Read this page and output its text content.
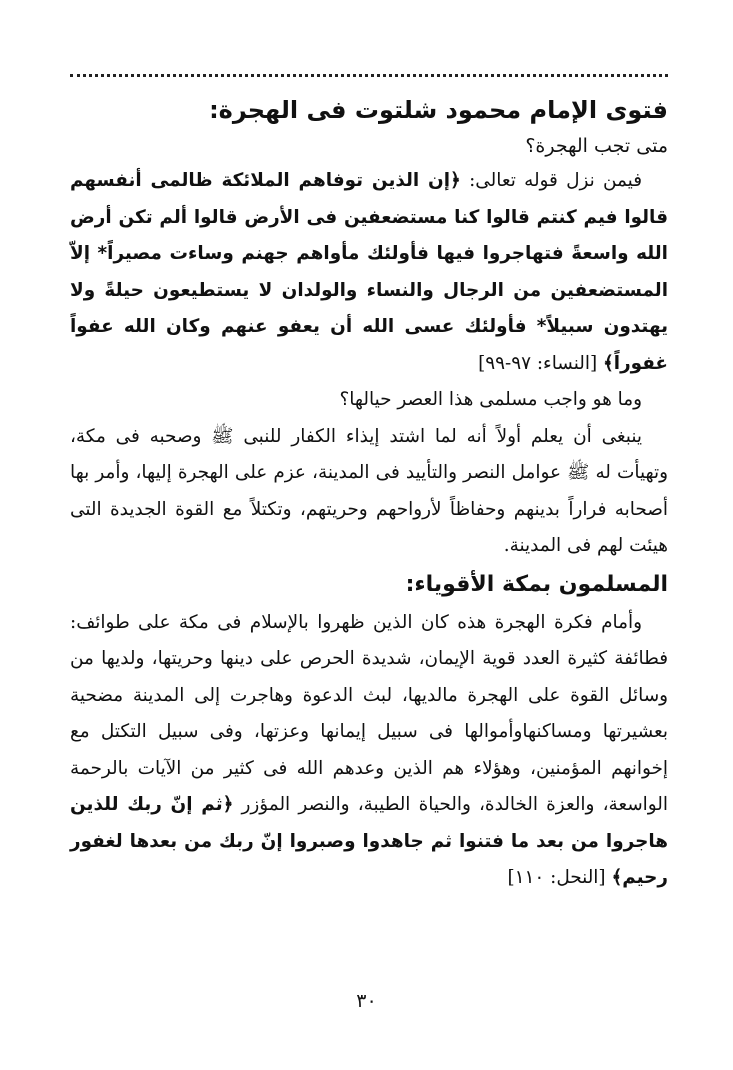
فتوى الإمام محمود شلتوت فى الهجرة:

متى تجب الهجرة؟

فيمن نزل قوله تعالى: ﴿إن الذين توفاهم الملائكة ظالمى أنفسهم قالوا فيم كنتم قالوا كنا مستضعفين فى الأرض قالوا ألم تكن أرض الله واسعةً فتهاجروا فيها فأولئك مأواهم جهنم وساءت مصيراً* إلاّ المستضعفين من الرجال والنساء والولدان لا يستطيعون حيلةً ولا يهتدون سبيلاً* فأولئك عسى الله أن يعفو عنهم وكان الله عفواً غفوراً﴾ [النساء: ٩٧-٩٩]

وما هو واجب مسلمى هذا العصر حيالها؟

ينبغى أن يعلم أولاً أنه لما اشتد إيذاء الكفار للنبى ﷺ وصحبه فى مكة، وتهيأت له ﷺ عوامل النصر والتأييد فى المدينة، عزم على الهجرة إليها، وأمر بها أصحابه فراراً بدينهم وحفاظاً لأرواحهم وحريتهم، وتكتلاً مع القوة الجديدة التى هيئت لهم فى المدينة.

المسلمون بمكة الأقوياء:

وأمام فكرة الهجرة هذه كان الذين ظهروا بالإسلام فى مكة على طوائف: فطائفة كثيرة العدد قوية الإيمان، شديدة الحرص على دينها وحريتها، ولديها من وسائل القوة على الهجرة مالديها، لبث الدعوة وهاجرت إلى المدينة مضحية بعشيرتها ومساكنهاوأموالها فى سبيل إيمانها وعزتها، وفى سبيل التكتل مع إخوانهم المؤمنين، وهؤلاء هم الذين وعدهم الله فى كثير من الآيات بالرحمة الواسعة، والعزة الخالدة، والحياة الطيبة، والنصر المؤزر ﴿ثم إنّ ربك للذين هاجروا من بعد ما فتنوا ثم جاهدوا وصبروا إنّ ربك من بعدها لغفور رحيم﴾ [النحل: ١١٠]

٣٠
